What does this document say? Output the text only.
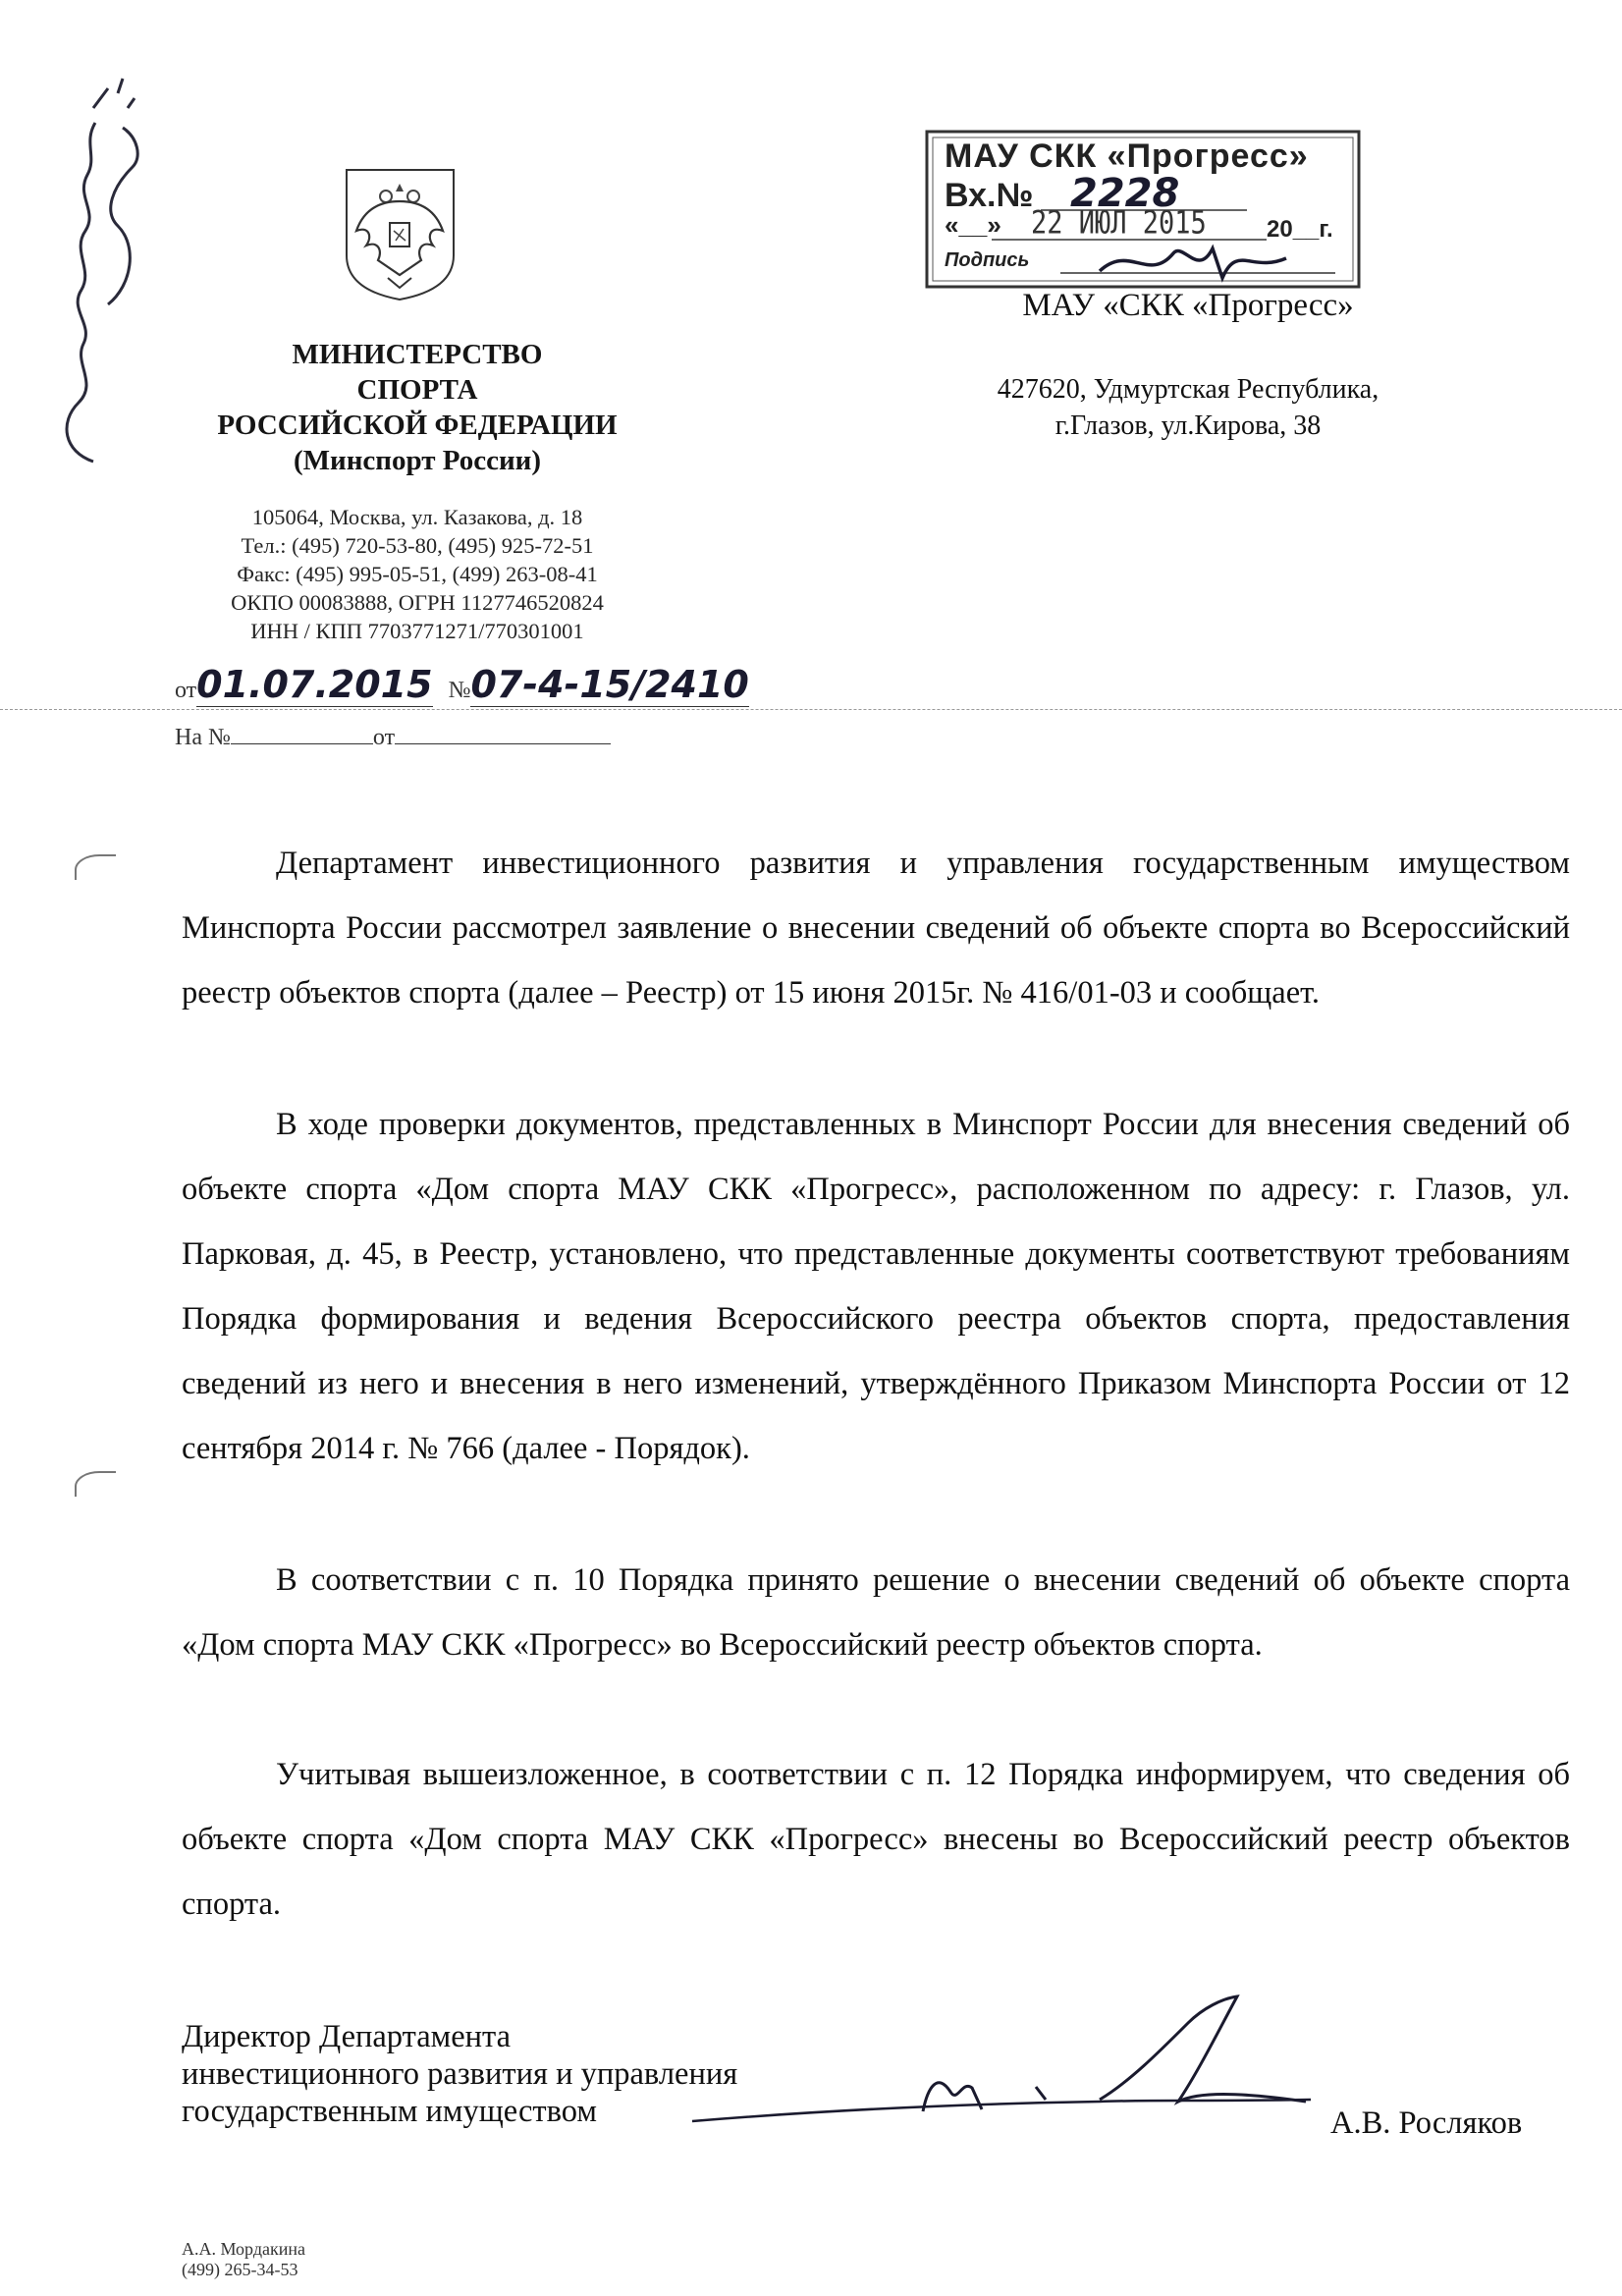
МИНИСТЕРСТВО
СПОРТА
РОССИЙСКОЙ ФЕДЕРАЦИИ
(Минспорт России)
105064, Москва, ул. Казакова, д. 18
Тел.: (495) 720-53-80, (495) 925-72-51
Факс: (495) 995-05-51, (499) 263-08-41
ОКПО 00083888, ОГРН 1127746520824
ИНН / КПП 7703771271/770301001
от01.07.2015 №07-4-15/2410
На №	от
МАУ СКК «Прогресс»
Вх.№ 2228
«__» 22 ИЮЛ 2015	20__г.
Подпись
МАУ «СКК «Прогресс»
427620, Удмуртская Республика,
г.Глазов, ул.Кирова, 38
Департамент инвестиционного развития и управления государственным имуществом Минспорта России рассмотрел заявление о внесении сведений об объекте спорта во Всероссийский реестр объектов спорта (далее – Реестр) от 15 июня 2015г. № 416/01-03 и сообщает.
В ходе проверки документов, представленных в Минспорт России для внесения сведений об объекте спорта «Дом спорта МАУ СКК «Прогресс», расположенном по адресу: г. Глазов, ул. Парковая, д. 45, в Реестр, установлено, что представленные документы соответствуют требованиям Порядка формирования и ведения Всероссийского реестра объектов спорта, предоставления сведений из него и внесения в него изменений, утверждённого Приказом Минспорта России от 12 сентября 2014 г. № 766 (далее - Порядок).
В соответствии с п. 10 Порядка принято решение о внесении сведений об объекте спорта «Дом спорта МАУ СКК «Прогресс» во Всероссийский реестр объектов спорта.
Учитывая вышеизложенное, в соответствии с п. 12 Порядка информируем, что сведения об объекте спорта «Дом спорта МАУ СКК «Прогресс» внесены во Всероссийский реестр объектов спорта.
Директор Департамента
инвестиционного развития и управления
государственным имуществом	А.В. Росляков
А.А. Мордакина
(499) 265-34-53
